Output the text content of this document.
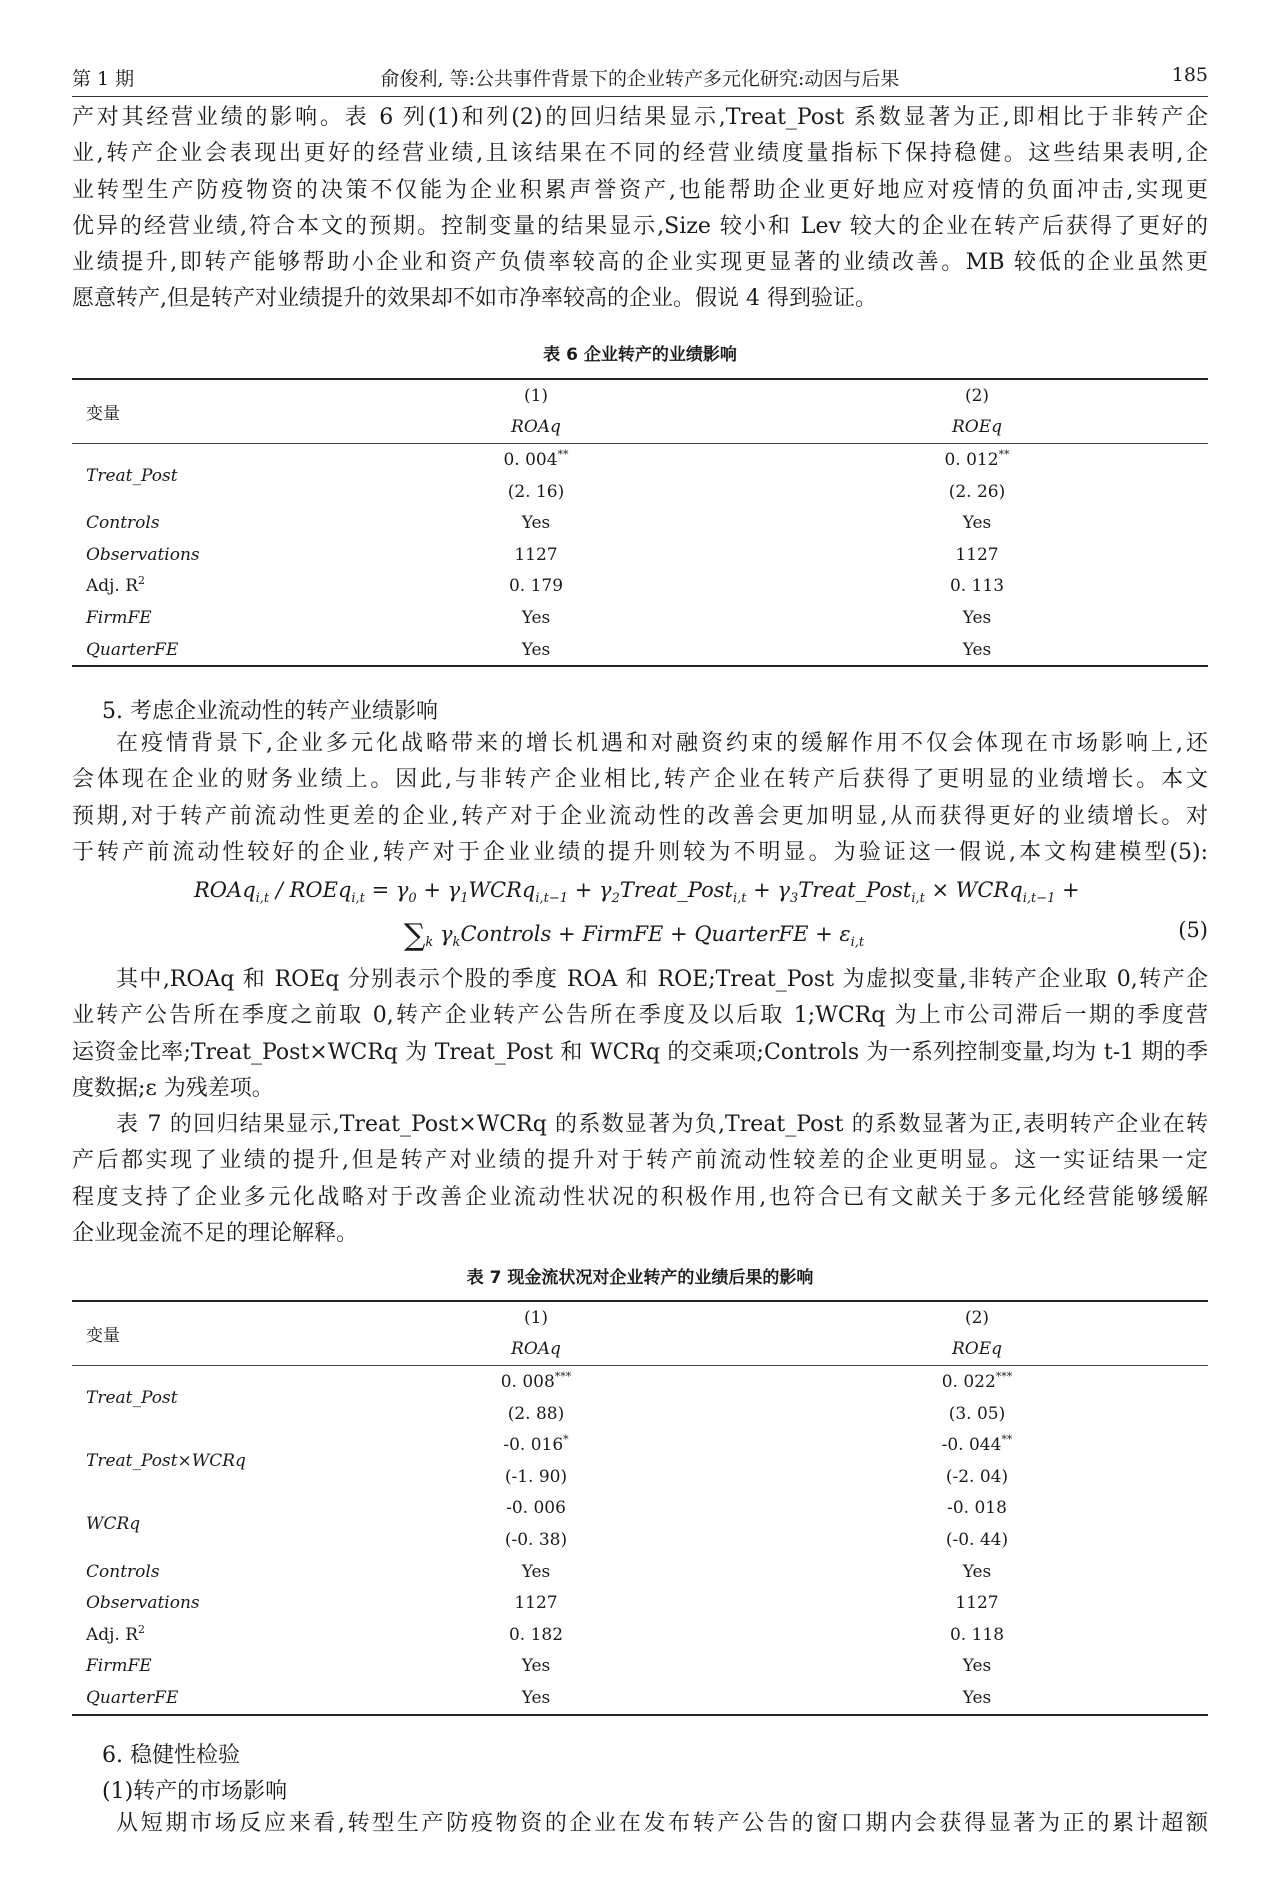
第 1 期	俞俊利, 等:公共事件背景下的企业转产多元化研究:动因与后果	185
产对其经营业绩的影响。表 6 列(1)和列(2)的回归结果显示,Treat_Post 系数显著为正,即相比于非转产企
业,转产企业会表现出更好的经营业绩,且该结果在不同的经营业绩度量指标下保持稳健。这些结果表明,企
业转型生产防疫物资的决策不仅能为企业积累声誉资产,也能帮助企业更好地应对疫情的负面冲击,实现更
优异的经营业绩,符合本文的预期。控制变量的结果显示,Size 较小和 Lev 较大的企业在转产后获得了更好的
业绩提升,即转产能够帮助小企业和资产负债率较高的企业实现更显著的业绩改善。MB 较低的企业虽然更
愿意转产,但是转产对业绩提升的效果却不如市净率较高的企业。假说 4 得到验证。
表 6 企业转产的业绩影响
变量	(1)	(2)
	ROAq	ROEq
Treat_Post	0. 004**	0. 012**
	(2. 16)	(2. 26)
Controls	Yes	Yes
Observations	1127	1127
Adj. $R^2$	0. 179	0. 113
FirmFE	Yes	Yes
QuarterFE	Yes	Yes
5. 考虑企业流动性的转产业绩影响
在疫情背景下,企业多元化战略带来的增长机遇和对融资约束的缓解作用不仅会体现在市场影响上,还
会体现在企业的财务业绩上。因此,与非转产企业相比,转产企业在转产后获得了更明显的业绩增长。本文
预期,对于转产前流动性更差的企业,转产对于企业流动性的改善会更加明显,从而获得更好的业绩增长。对
于转产前流动性较好的企业,转产对于企业业绩的提升则较为不明显。为验证这一假说,本文构建模型(5):
ROAq$_{i,t}$ / ROEq$_{i,t}$ = $\gamma_0$ + $\gamma_1WCRq_{i,t-1}$ + $\gamma_2Treat\_Post_{i,t}$ + $\gamma_3Treat\_Post_{i,t}$ × WCRq$_{i,t-1}$ +
$\sum_k$ $\gamma_kControls$ + FirmFE + QuarterFE + $\varepsilon_{i,t}$
(5)
其中,ROAq 和 ROEq 分别表示个股的季度 ROA 和 ROE;Treat_Post 为虚拟变量,非转产企业取 0,转产企
业转产公告所在季度之前取 0,转产企业转产公告所在季度及以后取 1;WCRq 为上市公司滞后一期的季度营
运资金比率;Treat_Post×WCRq 为 Treat_Post 和 WCRq 的交乘项;Controls 为一系列控制变量,均为 t-1 期的季
度数据;ε 为残差项。
表 7 的回归结果显示,Treat_Post×WCRq 的系数显著为负,Treat_Post 的系数显著为正,表明转产企业在转
产后都实现了业绩的提升,但是转产对业绩的提升对于转产前流动性较差的企业更明显。这一实证结果一定
程度支持了企业多元化战略对于改善企业流动性状况的积极作用,也符合已有文献关于多元化经营能够缓解
企业现金流不足的理论解释。
表 7 现金流状况对企业转产的业绩后果的影响
变量	(1)	(2)
	ROAq	ROEq
Treat_Post	0. 008***	0. 022***
	(2. 88)	(3. 05)
Treat_Post×WCRq	-0. 016*	-0. 044**
	(-1. 90)	(-2. 04)
WCRq	-0. 006	-0. 018
	(-0. 38)	(-0. 44)
Controls	Yes	Yes
Observations	1127	1127
Adj. $R^2$	0. 182	0. 118
FirmFE	Yes	Yes
QuarterFE	Yes	Yes
6. 稳健性检验
(1)转产的市场影响
从短期市场反应来看,转型生产防疫物资的企业在发布转产公告的窗口期内会获得显著为正的累计超额
